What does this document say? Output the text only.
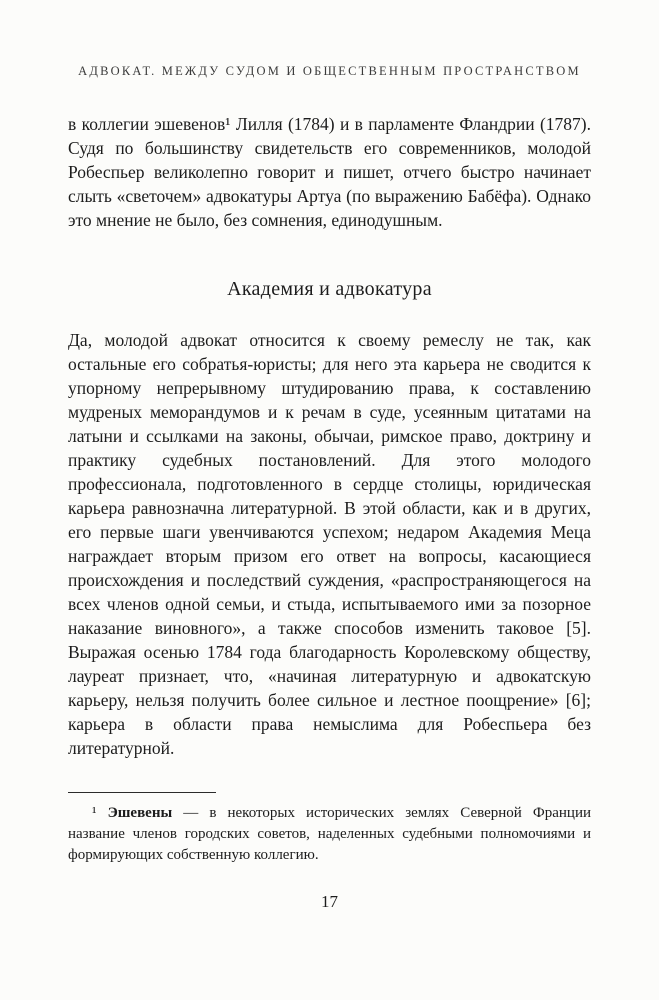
АДВОКАТ. МЕЖДУ СУДОМ И ОБЩЕСТВЕННЫМ ПРОСТРАНСТВОМ

в коллегии эшевенов¹ Лилля (1784) и в парламенте Фландрии (1787). Судя по большинству свидетельств его современников, молодой Робеспьер великолепно говорит и пишет, отчего быстро начинает слыть «светочем» адвокатуры Артуа (по выражению Бабёфа). Однако это мнение не было, без сомнения, единодушным.

Академия и адвокатура

Да, молодой адвокат относится к своему ремеслу не так, как остальные его собратья-юристы; для него эта карьера не сводится к упорному непрерывному штудированию права, к составлению мудреных меморандумов и к речам в суде, усеянным цитатами на латыни и ссылками на законы, обычаи, римское право, доктрину и практику судебных постановлений. Для этого молодого профессионала, подготовленного в сердце столицы, юридическая карьера равнозначна литературной. В этой области, как и в других, его первые шаги увенчиваются успехом; недаром Академия Меца награждает вторым призом его ответ на вопросы, касающиеся происхождения и последствий суждения, «распространяющегося на всех членов одной семьи, и стыда, испытываемого ими за позорное наказание виновного», а также способов изменить таковое [5]. Выражая осенью 1784 года благодарность Королевскому обществу, лауреат признает, что, «начиная литературную и адвокатскую карьеру, нельзя получить более сильное и лестное поощрение» [6]; карьера в области права немыслима для Робеспьера без литературной.

¹ Эшевены — в некоторых исторических землях Северной Франции название членов городских советов, наделенных судебными полномочиями и формирующих собственную коллегию.

17
